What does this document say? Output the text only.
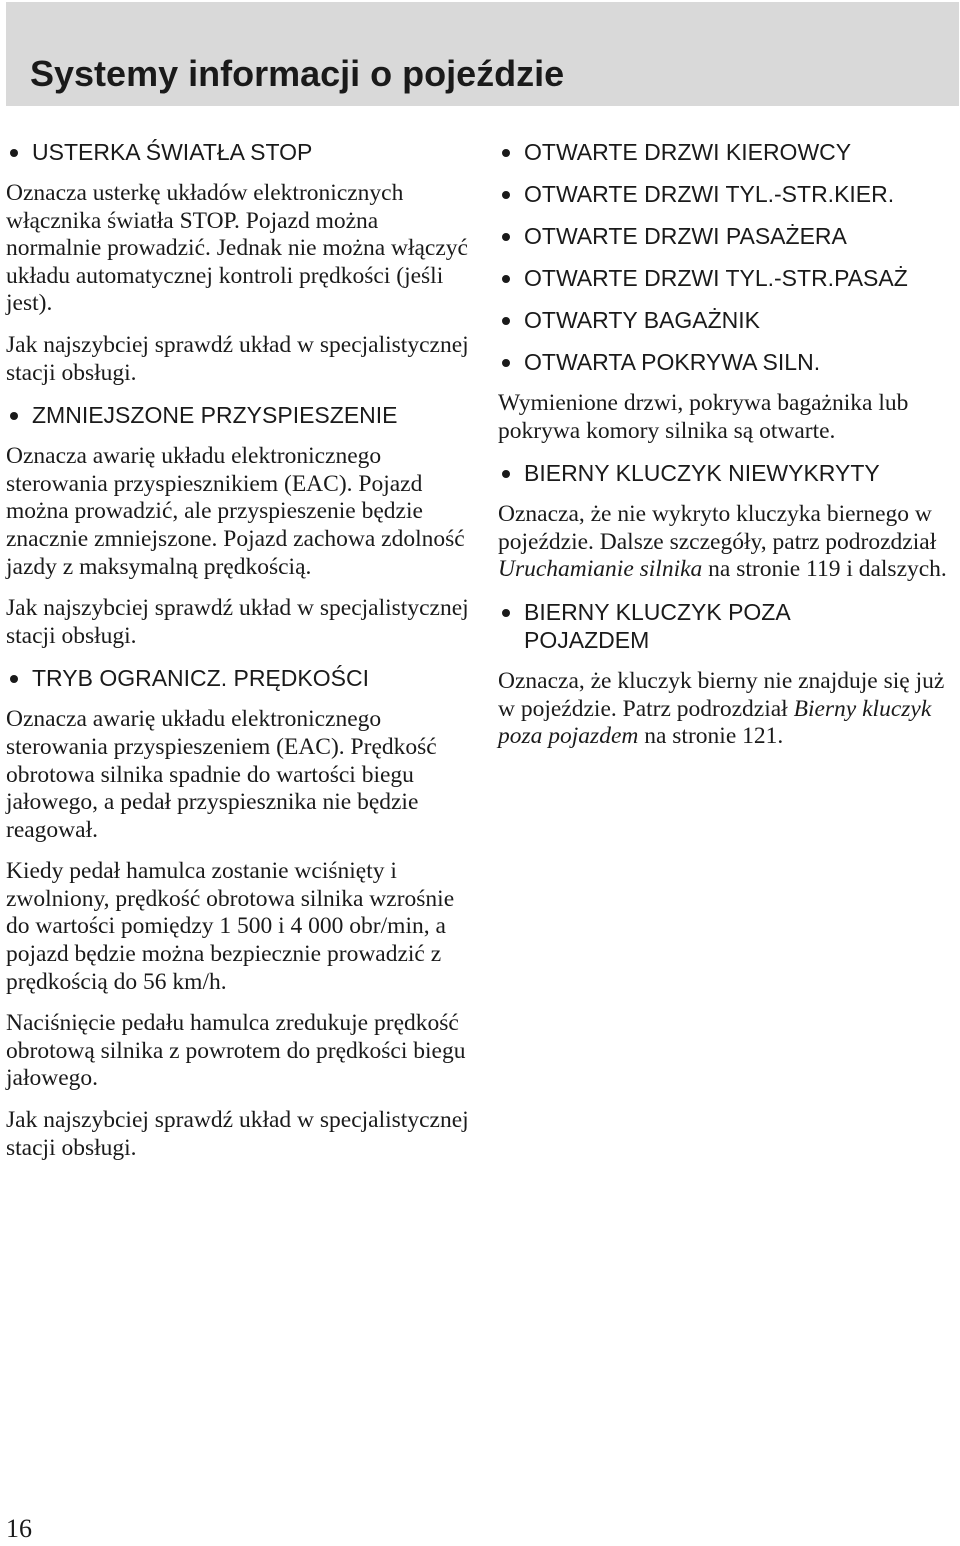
Systemy informacji o pojeździe
USTERKA ŚWIATŁA STOP

Oznacza usterkę układów elektronicznych włącznika światła STOP. Pojazd można normalnie prowadzić. Jednak nie można włączyć układu automatycznej kontroli prędkości (jeśli jest).

Jak najszybciej sprawdź układ w specjalistycznej stacji obsługi.

ZMNIEJSZONE PRZYSPIESZENIE

Oznacza awarię układu elektronicznego sterowania przyspiesznikiem (EAC). Pojazd można prowadzić, ale przyspieszenie będzie znacznie zmniejszone. Pojazd zachowa zdolność jazdy z maksymalną prędkością.

Jak najszybciej sprawdź układ w specjalistycznej stacji obsługi.

TRYB OGRANICZ. PRĘDKOŚCI

Oznacza awarię układu elektronicznego sterowania przyspieszeniem (EAC). Prędkość obrotowa silnika spadnie do wartości biegu jałowego, a pedał przyspiesznika nie będzie reagował.

Kiedy pedał hamulca zostanie wciśnięty i zwolniony, prędkość obrotowa silnika wzrośnie do wartości pomiędzy 1 500 i 4 000 obr/min, a pojazd będzie można bezpiecznie prowadzić z prędkością do 56 km/h.

Naciśnięcie pedału hamulca zredukuje prędkość obrotową silnika z powrotem do prędkości biegu jałowego.

Jak najszybciej sprawdź układ w specjalistycznej stacji obsługi.

OTWARTE DRZWI KIEROWCY
OTWARTE DRZWI TYL.-STR.KIER.
OTWARTE DRZWI PASAŻERA
OTWARTE DRZWI TYL.-STR.PASAŻ
OTWARTY BAGAŻNIK
OTWARTA POKRYWA SILN.

Wymienione drzwi, pokrywa bagażnika lub pokrywa komory silnika są otwarte.

BIERNY KLUCZYK NIEWYKRYTY

Oznacza, że nie wykryto kluczyka biernego w pojeździe. Dalsze szczegóły, patrz podrozdział Uruchamianie silnika na stronie 119 i dalszych.

BIERNY KLUCZYK POZA POJAZDEM

Oznacza, że kluczyk bierny nie znajduje się już w pojeździe. Patrz podrozdział Bierny kluczyk poza pojazdem na stronie 121.

16
